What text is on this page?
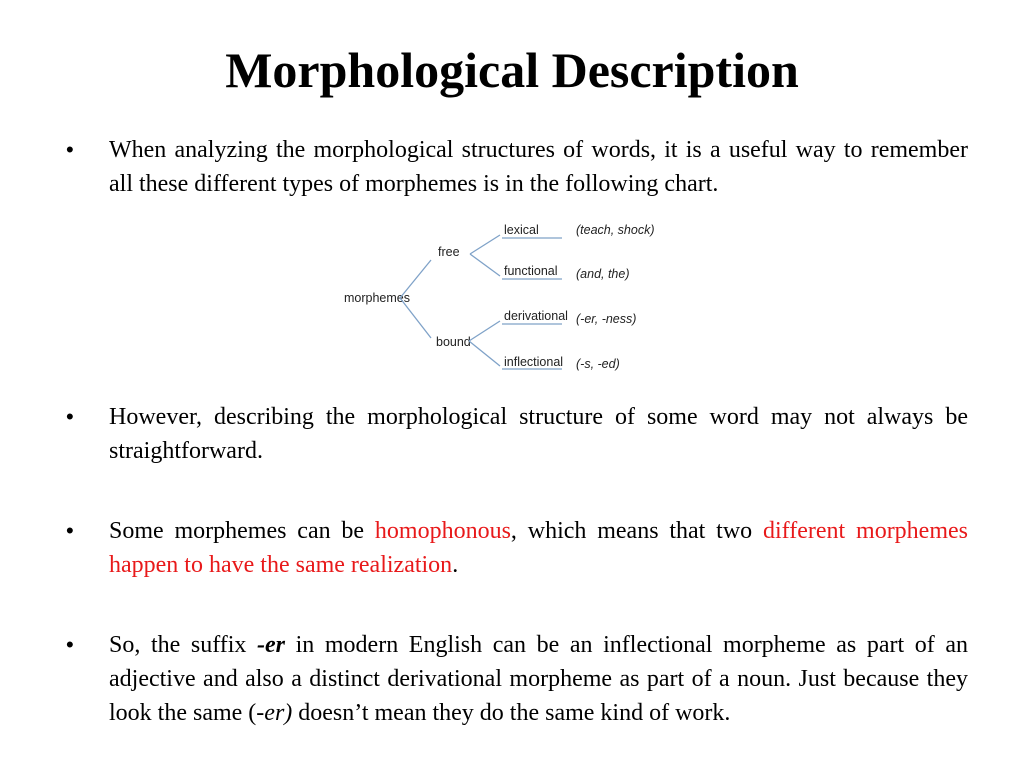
Morphological Description
•	When analyzing the morphological structures of words, it is a useful way to remember all these different types of morphemes is in the following chart.
morphemes
free
bound
lexical
functional
derivational
inflectional
(teach, shock)
(and, the)
(-er, -ness)
(-s, -ed)
•	However, describing the morphological structure of some word may not always be straightforward.
•	Some morphemes can be homophonous, which means that two different morphemes happen to have the same realization.
•	So, the suffix -er in modern English can be an inflectional morpheme as part of an adjective and also a distinct derivational morpheme as part of a noun. Just because they look the same (-er) doesn’t mean they do the same kind of work.
